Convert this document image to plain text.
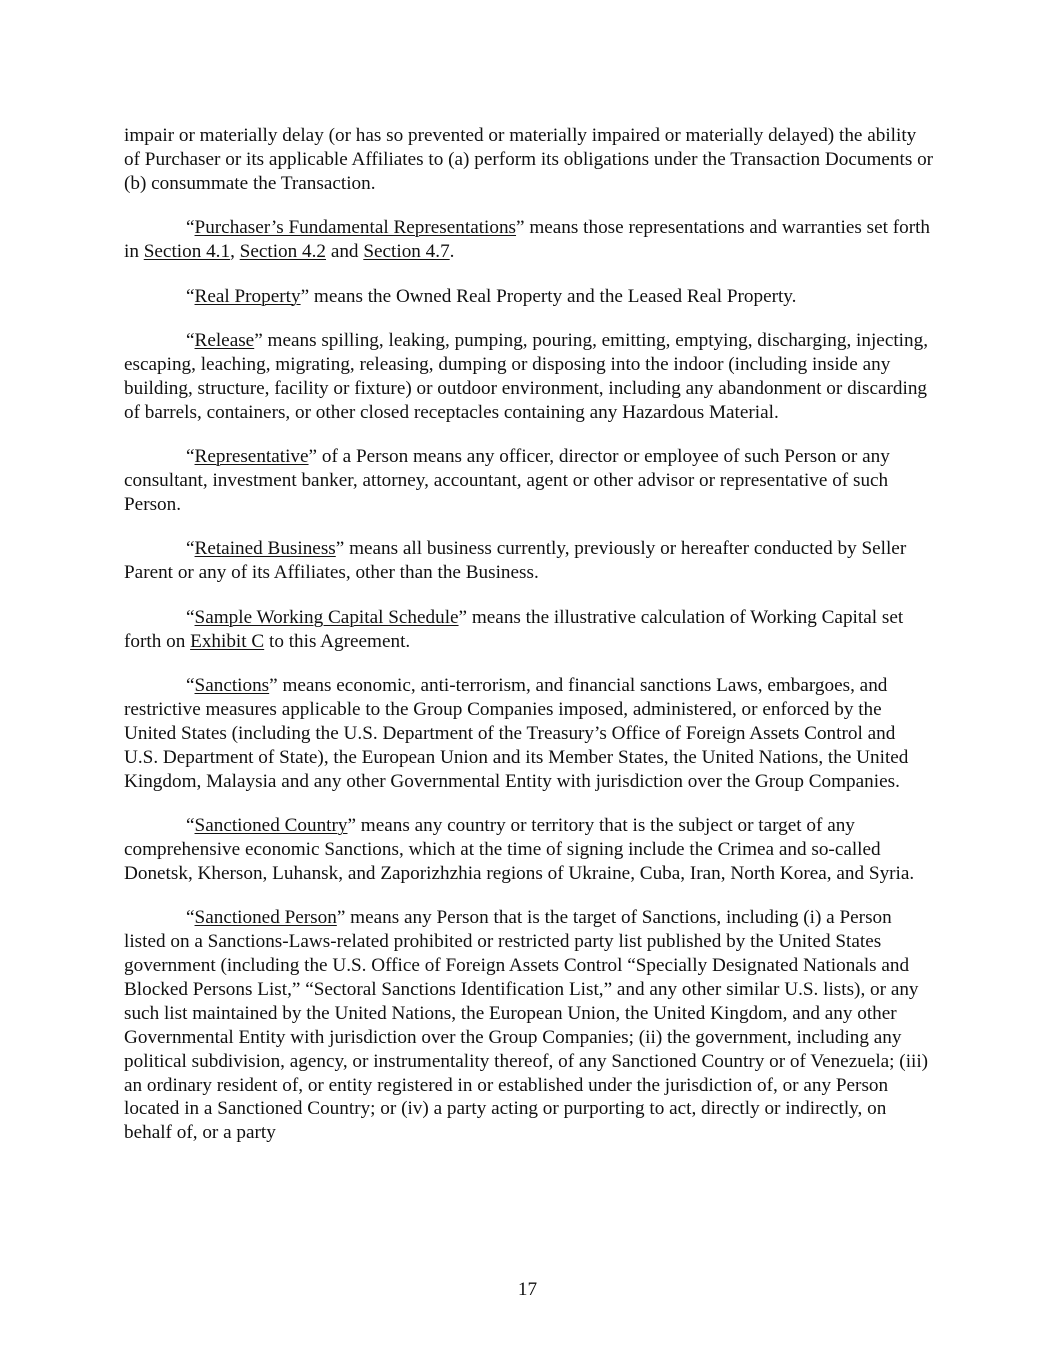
impair or materially delay (or has so prevented or materially impaired or materially delayed) the ability of Purchaser or its applicable Affiliates to (a) perform its obligations under the Transaction Documents or (b) consummate the Transaction.

“Purchaser’s Fundamental Representations” means those representations and warranties set forth in Section 4.1, Section 4.2 and Section 4.7.

“Real Property” means the Owned Real Property and the Leased Real Property.

“Release” means spilling, leaking, pumping, pouring, emitting, emptying, discharging, injecting, escaping, leaching, migrating, releasing, dumping or disposing into the indoor (including inside any building, structure, facility or fixture) or outdoor environment, including any abandonment or discarding of barrels, containers, or other closed receptacles containing any Hazardous Material.

“Representative” of a Person means any officer, director or employee of such Person or any consultant, investment banker, attorney, accountant, agent or other advisor or representative of such Person.

“Retained Business” means all business currently, previously or hereafter conducted by Seller Parent or any of its Affiliates, other than the Business.

“Sample Working Capital Schedule” means the illustrative calculation of Working Capital set forth on Exhibit C to this Agreement.

“Sanctions” means economic, anti-terrorism, and financial sanctions Laws, embargoes, and restrictive measures applicable to the Group Companies imposed, administered, or enforced by the United States (including the U.S. Department of the Treasury’s Office of Foreign Assets Control and U.S. Department of State), the European Union and its Member States, the United Nations, the United Kingdom, Malaysia and any other Governmental Entity with jurisdiction over the Group Companies.

“Sanctioned Country” means any country or territory that is the subject or target of any comprehensive economic Sanctions, which at the time of signing include the Crimea and so-called Donetsk, Kherson, Luhansk, and Zaporizhzhia regions of Ukraine, Cuba, Iran, North Korea, and Syria.

“Sanctioned Person” means any Person that is the target of Sanctions, including (i) a Person listed on a Sanctions-Laws-related prohibited or restricted party list published by the United States government (including the U.S. Office of Foreign Assets Control “Specially Designated Nationals and Blocked Persons List,” “Sectoral Sanctions Identification List,” and any other similar U.S. lists), or any such list maintained by the United Nations, the European Union, the United Kingdom, and any other Governmental Entity with jurisdiction over the Group Companies; (ii) the government, including any political subdivision, agency, or instrumentality thereof, of any Sanctioned Country or of Venezuela; (iii) an ordinary resident of, or entity registered in or established under the jurisdiction of, or any Person located in a Sanctioned Country; or (iv) a party acting or purporting to act, directly or indirectly, on behalf of, or a party

17
